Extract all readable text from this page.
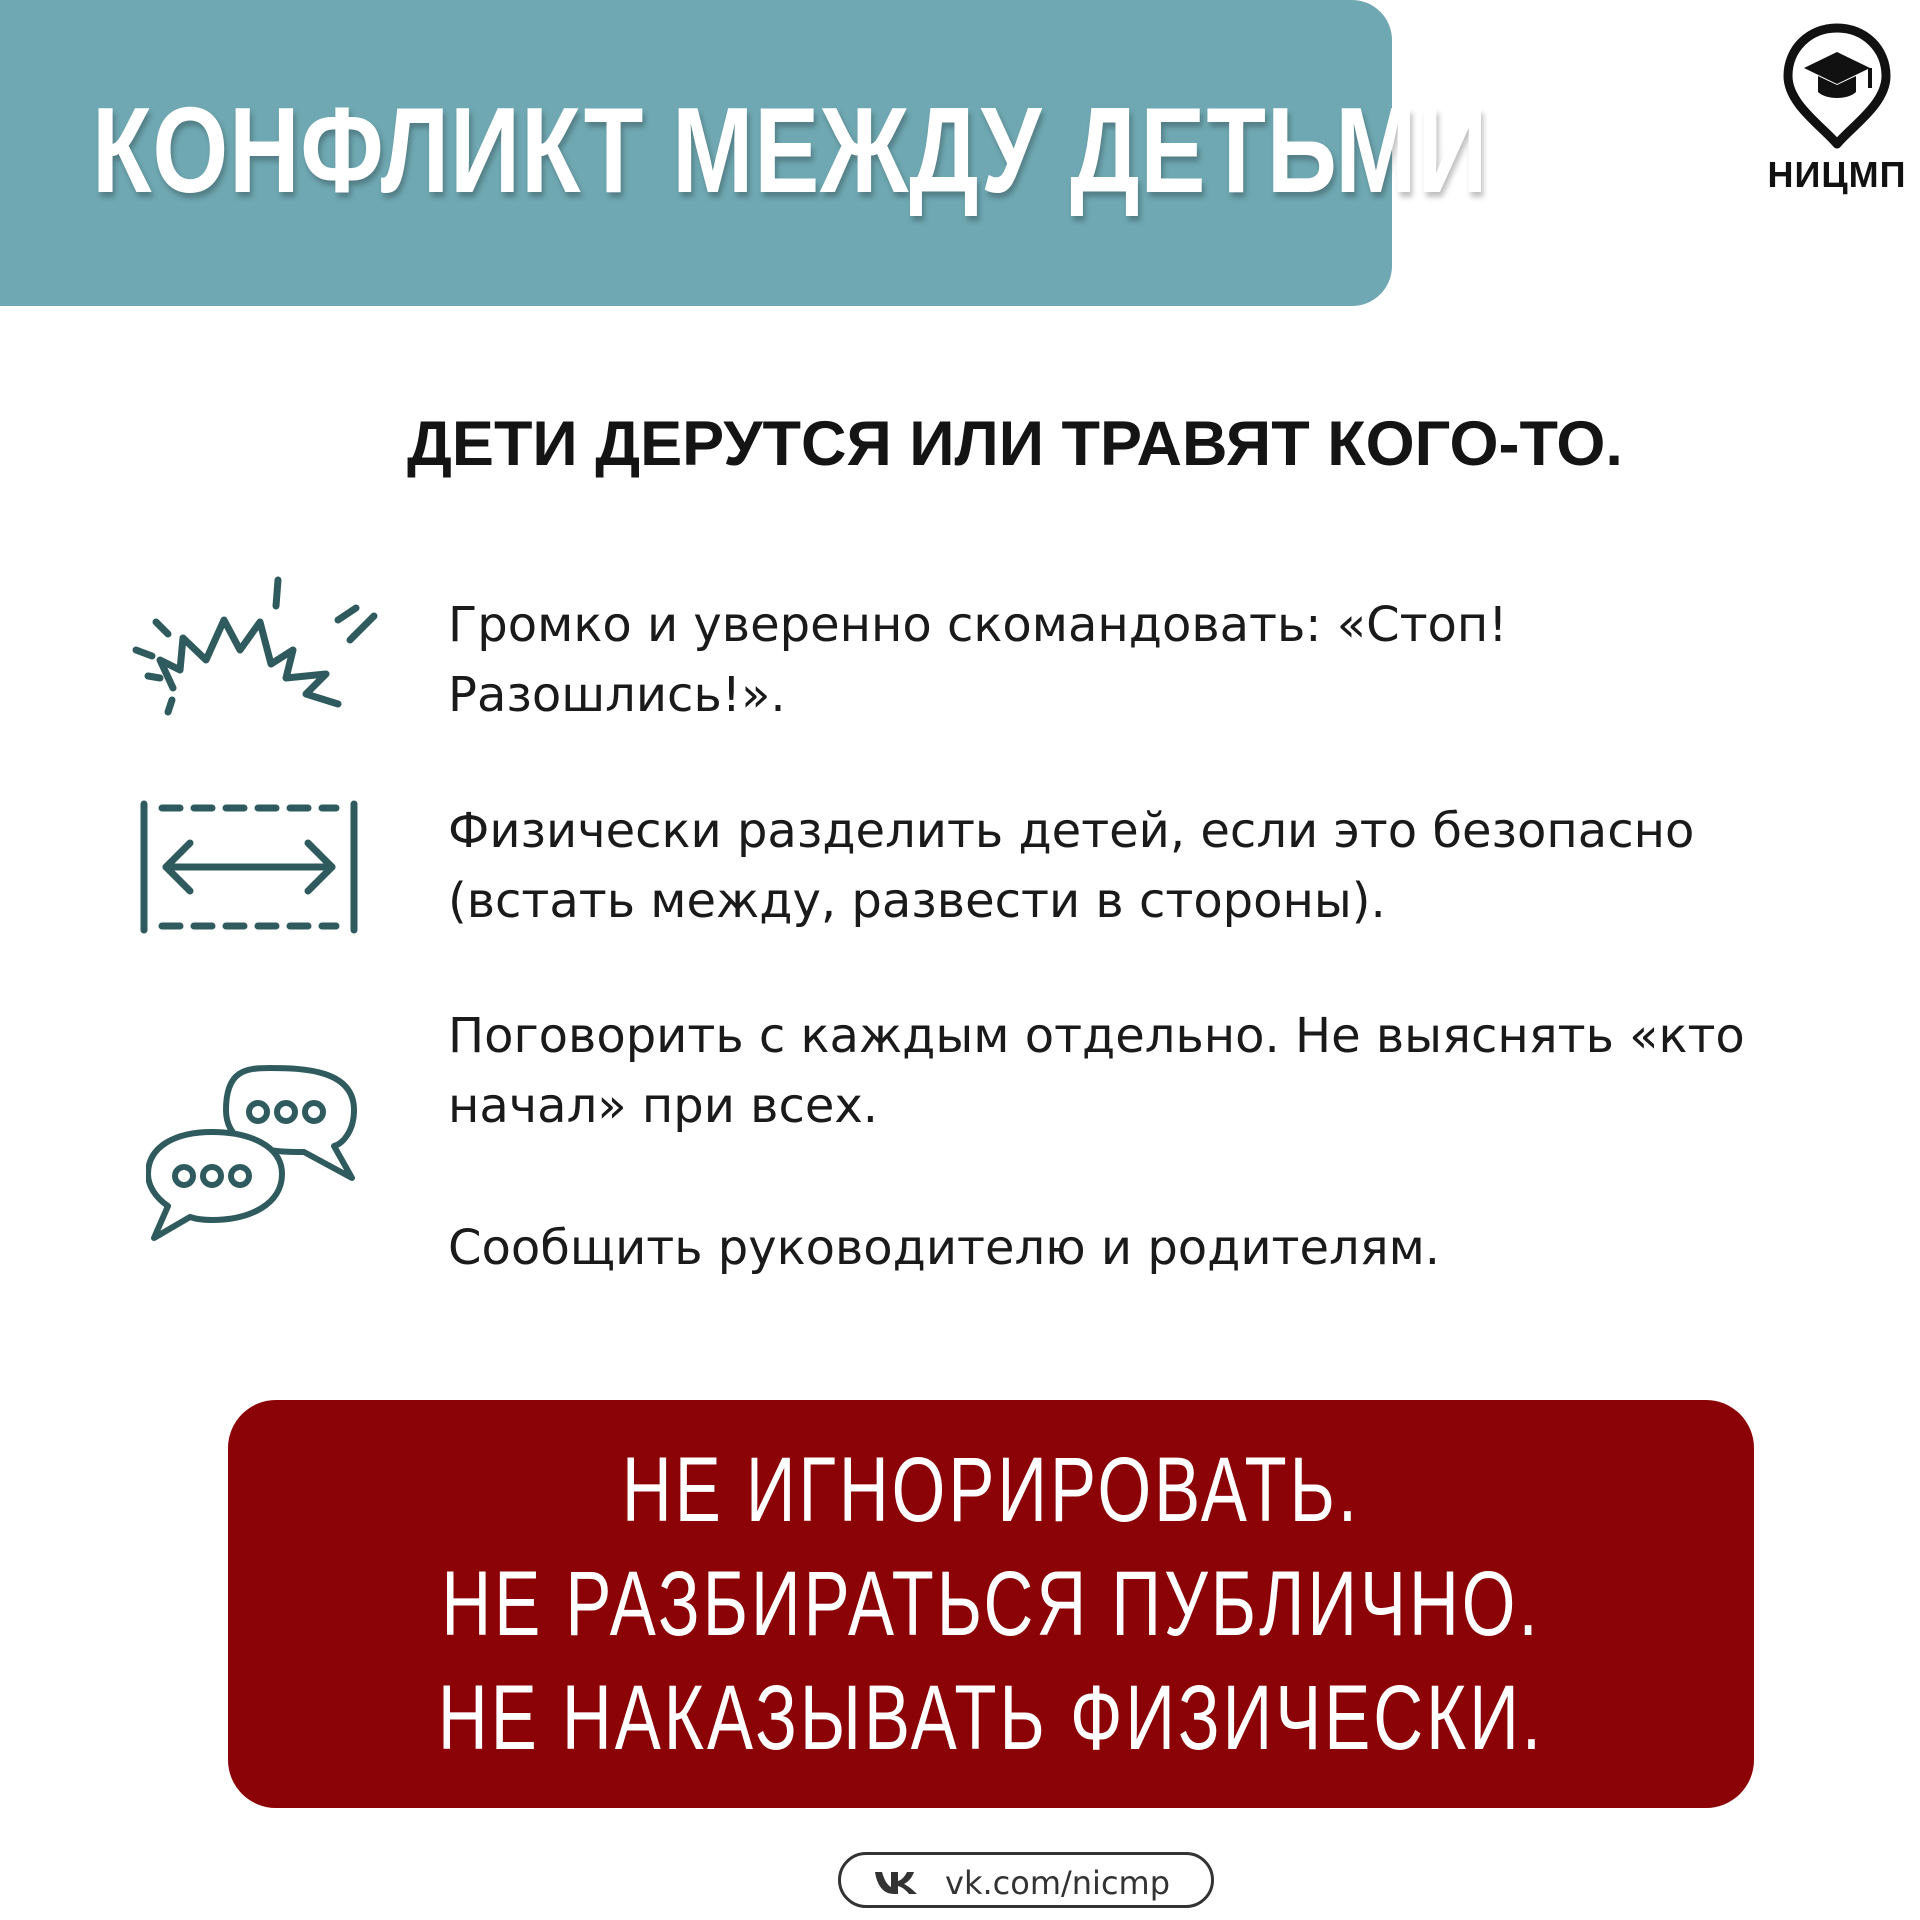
КОНФЛИКТ МЕЖДУ ДЕТЬМИ	НИЦМП
ДЕТИ ДЕРУТСЯ ИЛИ ТРАВЯТ КОГО-ТО.

Громко и уверенно скомандовать: «Стоп! Разошлись!».

Физически разделить детей, если это безопасно (встать между, развести в стороны).

Поговорить с каждым отдельно. Не выяснять «кто начал» при всех.

Сообщить руководителю и родителям.

НЕ ИГНОРИРОВАТЬ.

НЕ РАЗБИРАТЬСЯ ПУБЛИЧНО.

НЕ НАКАЗЫВАТЬ ФИЗИЧЕСКИ.

vk.com/nicmp
